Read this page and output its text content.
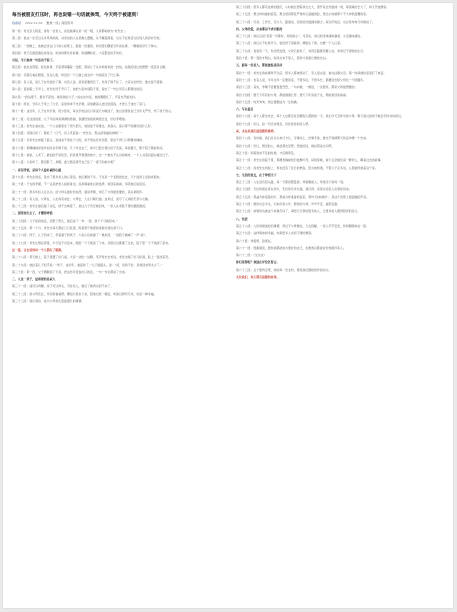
每当被朋友打压时，再也说错一句话就挨骂，今天终于被逮到！
钱看财 2022-11-02 聚焦一线 | 深度思考
第一段：老北京大院里，常有一位老人，说话做事总是一板一眼，大家都称他为“老先生”。
第二段：他这一生见过太多风风雨雨，对身边的人总是推心置腹，从不藏着掖着，也从不在背后议论别人的是非长短。
第三段：一到晚上，他就会坐在门口的小板凳上，摇着一把蒲扇，和邻居们聊起当年的往事，一聊就是好几个钟头。
第四段：孩子们最爱围在他身边，听他讲那些老故事，讲到精彩处，大家都会拍手叫好。
可是，今天他却一句话也不说了。
第五段：他坐在那里，脸色铁青，手里紧紧攥着一张纸，那是儿子从外地寄来的一封信，信里的话让他整整一夜没有合眼。
第六段：邻居们看在眼里，急在心里，却没有一个人敢上前去问一句到底出了什么事。
第七段：有人说，是儿子在外面出了事；也有人说，是家里要拆迁了，老房子保不住了。大家议论纷纷，谁也说不清楚。
第八段：直到第二天早上，老先生终于开口了，他把大家叫到院子里，说出了一句让所有人都愣住的话。
第九段：“我这辈子，最对不起的，就是我的儿子。”说完这句话，他的眼眶红了，声音也开始发抖。
第十段：原来，当年儿子考上了大学，家里却拿不出学费，是他硬着头皮四处借钱，才把儿子送出了家门。
第十一段：这些年，儿子在外打拼，很少回家，每次打电话也只是说几句就挂了，他总觉得是自己当年太严厉，伤了孩子的心。
第十二段：可这封信里，儿子写的却是满满的感谢，说要把他接到城里去住，好好孝敬他。
第十三段：老先生看完信，一个人在屋里坐了很久很久，他说他不是难过，是高兴，高兴得不知道该说什么好。
第十四段：邻居们听了，都松了一口气，有人笑着说：“老先生，您这是享福的命啊！”
第十五段：可老先生却摇了摇头，说他舍不得这个大院，舍不得这些老邻居，更舍不得门口那棵老槐树。
第十六段：那棵槐树是他年轻时亲手种下的，几十年过去了，如今已经长得比房子还高，每到夏天，整个院子都能乘凉。
第十七段：他说，人老了，最怕的不是吃苦，而是离开熟悉的地方，去一个谁也不认识的城市，一个人对着四面白墙过日子。
第十八段：大家听了，都沉默了。是啊，谁又愿意离开自己住了一辈子的地方呢？
一、老有所依，是每个人最朴素的心愿
第十九段：老先生的话，说出了很多老人的心里话。他们要的不多，不过是一个安稳的住处，几个说得上话的老朋友。
第二十段：子女的孝顺，不一定是把老人接到身边，而是尊重他们的选择，常回家看看，多陪他们说说话。
第二十一段：很多年轻人总以为，给父母买最好的东西，就是孝顺，却忘了父母最需要的，其实是陪伴。
第二十二段：有人说，父母在，人生尚有来处；父母去，人生只剩归途。这句话，说尽了人间的无奈与心酸。
第二十三段：老先生最后做了决定，他不去城里了，他让儿子有空就回来，一家人在老院子里吃顿团圆饭。
二、别等到失去了，才懂得珍惜
第二十四段：儿子接到电话，沉默了很久，最后说了一句：“爸，我下个月就回来。”
第二十五段：那一个月，老先生每天都在门口张望，盼着那个熟悉的身影出现在巷子口。
第二十六段：终于，儿子回来了，带着妻子和孩子，大包小包地提了一堆东西，一进院子就喊了一声“爸”。
第二十七段：老先生愣在那里，半天说不出话来，眼泪一下子就流了下来。邻居们也都围了过来，院子里一下子热闹了起来。
这一幕，让在场的每一个人都红了眼眶。
第二十八段：那天晚上，院子里摆了好几桌，大家一边吃一边聊，笑声传出去老远，老先生喝了好几杯酒，脸上一直挂着笑。
第二十九段：他拉着儿子的手说：“孩子，这些年，委屈你了。”儿子摇摇头，说：“爸，是我不好，是我回来得太少了。”
第三十段：那一夜，父子俩聊到了天亮，把这些年没说出口的话，一句一句全都说了出来。
三、人这一辈子，最重要的是家人
第三十一段：钱可以再赚，房子可以再买，可有些人，错过了就再也回不来了。
第三十二段：趁父母还在，多回家看看吧。哪怕只是坐下来，陪他们吃一顿饭，听他们唠叨几句，也是一种幸福。
第三十三段：别让等待，成为父母余生里最漫长的事情。
第三十四段：很多人都有这样的经历，小时候总想着快点长大，离开家去外面闯一闯，等到真的长大了，却又开始想家。
第三十五段：想念妈妈做的饭菜，想念爸爸那张严肃却又温暖的脸，想念小时候那个不大却很温馨的家。
第三十六段：可是，工作忙、压力大、路途远，回家的次数越来越少，每次打电话，也总是匆匆几句就挂了。
四、父母的爱，从来都是不求回报的
第三十七段：他们总说“家里一切都好，你别担心”，可其实，他们的身体越来越差，头发越来越白。
第三十八段：他们从不轻易开口，怕给孩子添麻烦，哪怕生了病，也要一个人扛着。
第三十九段：直到有一天，你突然发现，父母已经老了，老得走路都需要人扶，老得记不清你的生日。
第四十段：那一刻你才明白，时间从来不等人，陪伴才是最长情的告白。
五、愿每一位老人，都能被温柔以待
第四十一段：老先生的故事传开以后，很多人都被感动了，有人留言说，看完这篇文章，第一时间就给家里打了电话。
第四十二段：也有人说，今年过年一定要回家，不管多远，不管多忙，都要回去陪父母过一个团圆年。
第四十三段：其实，孝顺不需要轰轰烈烈，一句问候，一顿饭，一次陪伴，都是父母最想要的。
第四十四段：愿天下所有的父母，都能健康长寿；愿天下所有的子女，都能常回家看看。
第四十五段：时光匆匆，别让遗憾成为一生的痛。
六、写在最后
第四十六段：每个人都会老去，每个人也都会有需要别人照顾的一天。我们今天怎样对待父母，明天我们的孩子就会怎样对待我们。
第四十七段：所以，趁一切还来得及，好好爱你的家人吧。
家，永远是我们最温暖的港湾。
第四十八段：有时候，我们总以为来日方长，可事实上，世事无常，谁也不知道明天和意外哪一个先来。
第四十九段：所以，想见的人，就赶紧去见吧；想说的话，就赶紧说出口吧。
第五十段：别等到来不及的时候，才后悔莫及。
第五十一段：老先生的院子里，那棵老槐树依旧枝繁叶茂，每到傍晚，树下总会围坐着一群老人，聊着过去的故事。
第五十二段：而老先生的脸上，再也没有了往日的愁容，因为他知道，不管儿子走多远，心里始终装着这个家。
七、生活的意义，在于珍惜当下
第五十三段：人生没有回头路，每一天都是限量版。珍惜眼前人，珍惜当下的每一刻。
第五十四段：无论你现在身在何方，无论你有多忙碌，请记得，家里永远有人在等你回来。
第五十五段：那盏为你留着的灯，那桌为你准备的饭菜，那句“回来就好”，是这个世界上最温暖的声音。
第五十六段：愿你出走半生，归来仍是少年；愿你的父母，岁岁平安，福寿安康。
第五十七段：如果你也被这个故事打动了，请把它分享给更多的人，让更多的人懂得陪伴的意义。
八、结语
第五十八段：人世间最美好的事情，莫过于父母健在，儿女绕膝，一家人平平安安、和和睦睦地在一起。
第五十九段：这样简单的幸福，却是很多人求而不得的奢望。
第六十段：珍惜吧，趁现在。
第六十一段：感谢阅读，愿你我都能成为更好的自己，也愿我们都能好好地陪伴家人。
第六十二段：（全文完）
你们觉得呢？欢迎在评论区留言。
第六十三段：点个赞再走吧，你的每一次支持，都是我们继续创作的动力。
关注我们，每天都有温暖的故事。
